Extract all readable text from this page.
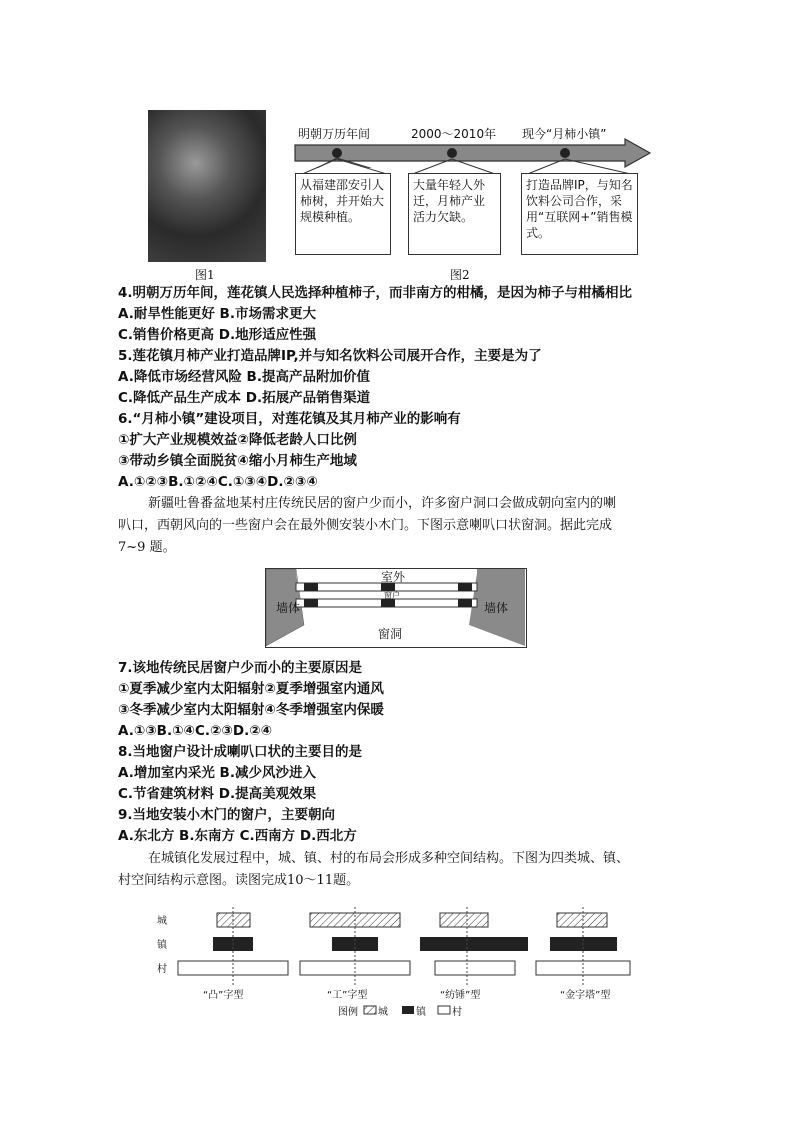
图1
明朝万历年间	2000～2010年 现今“月柿小镇”
从福建邵安引人柿树，并开始大规模种植。
大量年轻人外迁，月柿产业活力欠缺。
打造品牌IP，与知名饮料公司合作，采用“互联网+”销售模式。
图2
4.明朝万历年间，莲花镇人民选择种植柿子，而非南方的柑橘，是因为柿子与柑橘相比
A.耐旱性能更好 B.市场需求更大
C.销售价格更高 D.地形适应性强
5.莲花镇月柿产业打造品牌IP,并与知名饮料公司展开合作，主要是为了
A.降低市场经营风险 B.提高产品附加价值
C.降低产品生产成本 D.拓展产品销售渠道
6.“月柿小镇”建设项目，对莲花镇及其月柿产业的影响有
①扩大产业规模效益②降低老龄人口比例
③带动乡镇全面脱贫④缩小月柿生产地域
A.①②③B.①②④C.①③④D.②③④
新疆吐鲁番盆地某村庄传统民居的窗户少而小，许多窗户洞口会做成朝向室内的喇
叭口，西朝风向的一些窗户会在最外侧安装小木门。下图示意喇叭口状窗洞。据此完成
7~9 题。
室外
窗户
墙体	墙体
窗洞
7.该地传统民居窗户少而小的主要原因是
①夏季减少室内太阳辐射②夏季增强室内通风
③冬季减少室内太阳辐射④冬季增强室内保暖
A.①③B.①④C.②③D.②④
8.当地窗户设计成喇叭口状的主要目的是
A.增加室内采光 B.减少风沙进入
C.节省建筑材料 D.提高美观效果
9.当地安装小木门的窗户，主要朝向
A.东北方 B.东南方 C.西南方 D.西北方
在城镇化发展过程中，城、镇、村的布局会形成多种空间结构。下图为四类城、镇、
村空间结构示意图。读图完成10～11题。
城
镇
村
“凸”字型	“工”字型	“纺锤”型	“金字塔”型
图例 城	镇	村
